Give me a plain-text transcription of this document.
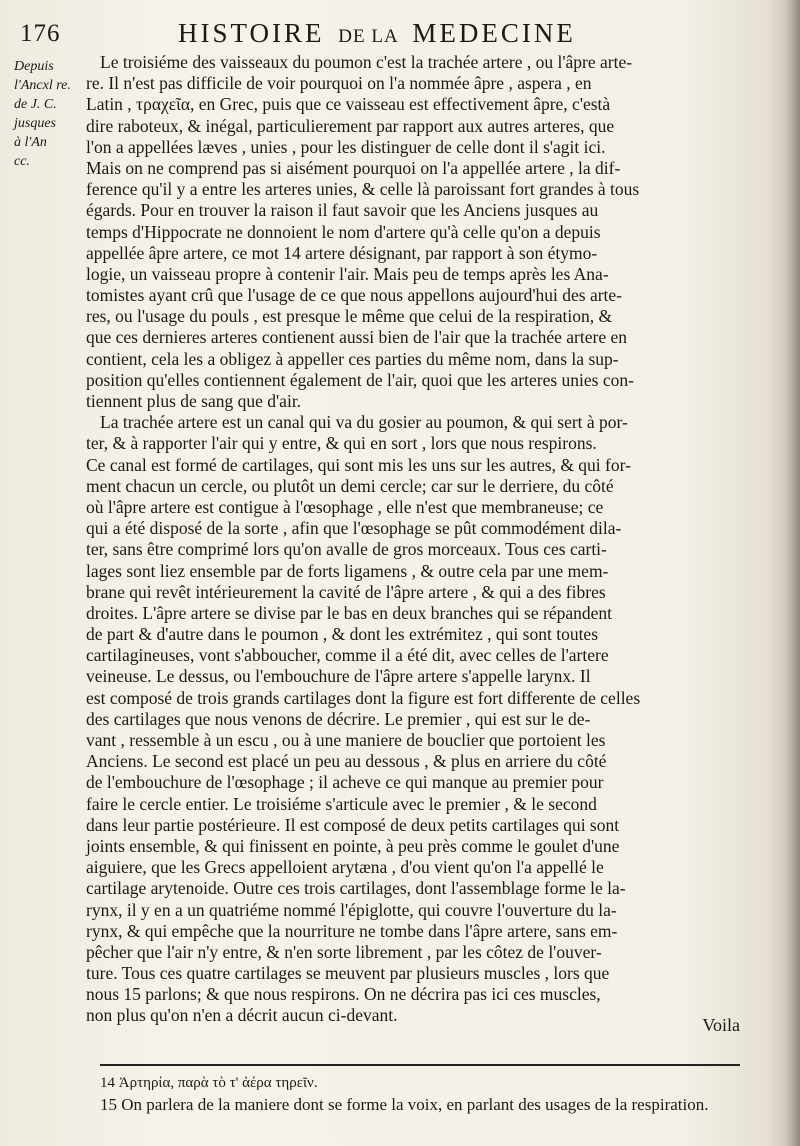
176	HISTOIRE DE LA MEDECINE
Depuis
l'Ancxl re.
de J. C.
jusques
à l'An
cc.
Le troisiéme des vaisseaux du poumon c'est la trachée artere , ou l'âpre arte-
re. Il n'est pas difficile de voir pourquoi on l'a nommée âpre , aspera , en
Latin , τραχεῖα, en Grec, puis que ce vaisseau est effectivement âpre, c'està
dire raboteux, & inégal, particulierement par rapport aux autres arteres, que
l'on a appellées læves , unies , pour les distinguer de celle dont il s'agit ici.
Mais on ne comprend pas si aisément pourquoi on l'a appellée artere , la dif-
ference qu'il y a entre les arteres unies, & celle là paroissant fort grandes à tous
égards. Pour en trouver la raison il faut savoir que les Anciens jusques au
temps d'Hippocrate ne donnoient le nom d'artere qu'à celle qu'on a depuis
appellée âpre artere, ce mot 14 artere désignant, par rapport à son étymo-
logie, un vaisseau propre à contenir l'air. Mais peu de temps après les Ana-
tomistes ayant crû que l'usage de ce que nous appellons aujourd'hui des arte-
res, ou l'usage du pouls , est presque le même que celui de la respiration, &
que ces dernieres arteres contienent aussi bien de l'air que la trachée artere en
contient, cela les a obligez à appeller ces parties du même nom, dans la sup-
position qu'elles contiennent également de l'air, quoi que les arteres unies con-
tiennent plus de sang que d'air.
La trachée artere est un canal qui va du gosier au poumon, & qui sert à por-
ter, & à rapporter l'air qui y entre, & qui en sort , lors que nous respirons.
Ce canal est formé de cartilages, qui sont mis les uns sur les autres, & qui for-
ment chacun un cercle, ou plutôt un demi cercle; car sur le derriere, du côté
où l'âpre artere est contigue à l'œsophage , elle n'est que membraneuse; ce
qui a été disposé de la sorte , afin que l'œsophage se pût commodément dila-
ter, sans être comprimé lors qu'on avalle de gros morceaux. Tous ces carti-
lages sont liez ensemble par de forts ligamens , & outre cela par une mem-
brane qui revêt intérieurement la cavité de l'âpre artere , & qui a des fibres
droites. L'âpre artere se divise par le bas en deux branches qui se répandent
de part & d'autre dans le poumon , & dont les extrémitez , qui sont toutes
cartilagineuses, vont s'abboucher, comme il a été dit, avec celles de l'artere
veineuse. Le dessus, ou l'embouchure de l'âpre artere s'appelle larynx. Il
est composé de trois grands cartilages dont la figure est fort differente de celles
des cartilages que nous venons de décrire. Le premier , qui est sur le de-
vant , ressemble à un escu , ou à une maniere de bouclier que portoient les
Anciens. Le second est placé un peu au dessous , & plus en arriere du côté
de l'embouchure de l'œsophage ; il acheve ce qui manque au premier pour
faire le cercle entier. Le troisiéme s'articule avec le premier , & le second
dans leur partie postérieure. Il est composé de deux petits cartilages qui sont
joints ensemble, & qui finissent en pointe, à peu près comme le goulet d'une
aiguiere, que les Grecs appelloient arytæna , d'ou vient qu'on l'a appellé le
cartilage arytenoide. Outre ces trois cartilages, dont l'assemblage forme le la-
rynx, il y en a un quatriéme nommé l'épiglotte, qui couvre l'ouverture du la-
rynx, & qui empêche que la nourriture ne tombe dans l'âpre artere, sans em-
pêcher que l'air n'y entre, & n'en sorte librement , par les côtez de l'ouver-
ture. Tous ces quatre cartilages se meuvent par plusieurs muscles , lors que
nous 15 parlons; & que nous respirons. On ne décrira pas ici ces muscles,
non plus qu'on n'en a décrit aucun ci-devant.	Voila
14 Ἀρτηρία, παρὰ τὸ τ' ἀέρα τηρεῖν.
15 On parlera de la maniere dont se forme la voix, en parlant des usages de la respiration.
